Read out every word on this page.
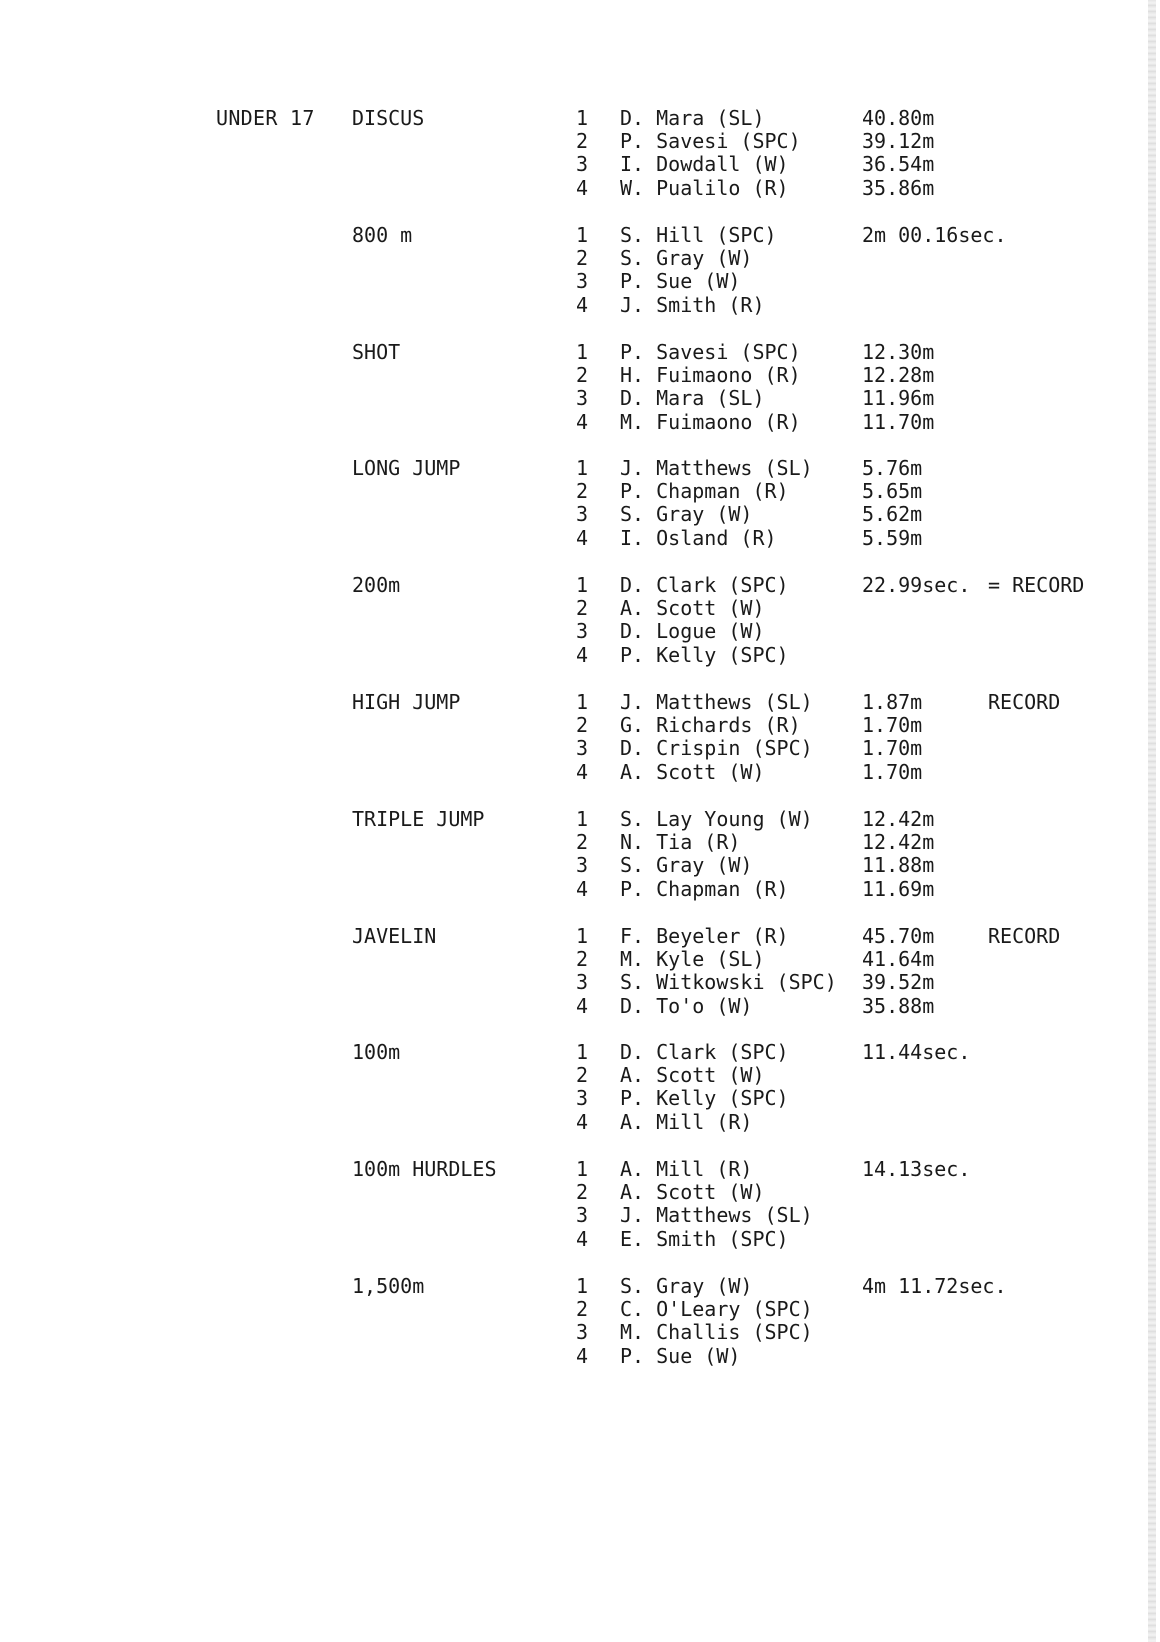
UNDER 17 DISCUS	1 D. Mara (SL)	40.80m
2 P. Savesi (SPC)	39.12m
3 I. Dowdall (W)	36.54m
4 W. Pualilo (R)	35.86m
800 m	1 S. Hill (SPC)	2m 00.16sec.
2 S. Gray (W)
3 P. Sue (W)
4 J. Smith (R)
SHOT	1 P. Savesi (SPC)	12.30m
2 H. Fuimaono (R)	12.28m
3 D. Mara (SL)	11.96m
4 M. Fuimaono (R)	11.70m
LONG JUMP	1 J. Matthews (SL) 5.76m
2 P. Chapman (R)	5.65m
3 S. Gray (W)	5.62m
4 I. Osland (R)	5.59m
200m	1 D. Clark (SPC)	22.99sec. = RECORD
2 A. Scott (W)
3 D. Logue (W)
4 P. Kelly (SPC)
HIGH JUMP	1 J. Matthews (SL) 1.87m	RECORD
2 G. Richards (R)	1.70m
3 D. Crispin (SPC) 1.70m
4 A. Scott (W)	1.70m
TRIPLE JUMP	1 S. Lay Young (W) 12.42m
2 N. Tia (R)	12.42m
3 S. Gray (W)	11.88m
4 P. Chapman (R)	11.69m
JAVELIN	1 F. Beyeler (R)	45.70m	RECORD
2 M. Kyle (SL)	41.64m
3 S. Witkowski (SPC) 39.52m
4 D. To'o (W)	35.88m
100m	1 D. Clark (SPC)	11.44sec.
2 A. Scott (W)
3 P. Kelly (SPC)
4 A. Mill (R)
100m HURDLES	1 A. Mill (R)	14.13sec.
2 A. Scott (W)
3 J. Matthews (SL)
4 E. Smith (SPC)
1,500m	1 S. Gray (W)	4m 11.72sec.
2 C. O'Leary (SPC)
3 M. Challis (SPC)
4 P. Sue (W)
